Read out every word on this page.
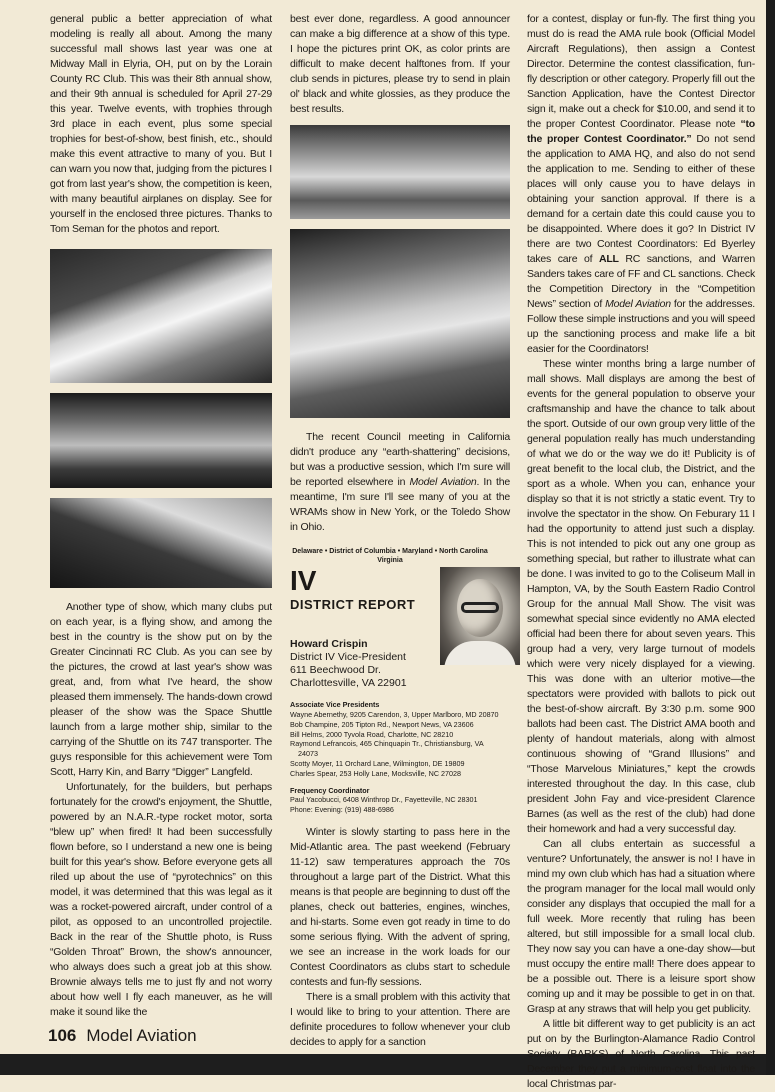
general public a better appreciation of what modeling is really all about. Among the many successful mall shows last year was one at Midway Mall in Elyria, OH, put on by the Lorain County RC Club. This was their 8th annual show, and their 9th annual is scheduled for April 27-29 this year. Twelve events, with trophies through 3rd place in each event, plus some special trophies for best-of-show, best finish, etc., should make this event attractive to many of you. But I can warn you now that, judging from the pictures I got from last year's show, the competition is keen, with many beautiful airplanes on display. See for yourself in the enclosed three pictures. Thanks to Tom Seman for the photos and report.

Another type of show, which many clubs put on each year, is a flying show, and among the best in the country is the show put on by the Greater Cincinnati RC Club. As you can see by the pictures, the crowd at last year's show was great, and, from what I've heard, the show pleased them immensely. The hands-down crowd pleaser of the show was the Space Shuttle launch from a large mother ship, similar to the carrying of the Shuttle on its 747 transporter. The guys responsible for this achievement were Tom Scott, Harry Kin, and Barry “Digger” Langfeld.

Unfortunately, for the builders, but perhaps fortunately for the crowd's enjoyment, the Shuttle, powered by an N.A.R.-type rocket motor, sorta “blew up” when fired! It had been successfully flown before, so I understand a new one is being built for this year's show. Before everyone gets all riled up about the use of “pyrotechnics” on this model, it was determined that this was legal as it was a rocket-powered aircraft, under control of a pilot, as opposed to an uncontrolled projectile. Back in the rear of the Shuttle photo, is Russ “Golden Throat” Brown, the show's announcer, who always does such a great job at this show. Brownie always tells me to just fly and not worry about how well I fly each maneuver, as he will make it sound like the

best ever done, regardless. A good announcer can make a big difference at a show of this type. I hope the pictures print OK, as color prints are difficult to make decent halftones from. If your club sends in pictures, please try to send in plain ol' black and white glossies, as they produce the best results.

The recent Council meeting in California didn't produce any “earth-shattering” decisions, but was a productive session, which I'm sure will be reported elsewhere in Model Aviation. In the meantime, I'm sure I'll see many of you at the WRAMs show in New York, or the Toledo Show in Ohio.

Delaware • District of Columbia • Maryland • North Carolina Virginia
IV
DISTRICT REPORT
Howard Crispin
District IV Vice-President
611 Beechwood Dr.
Charlottesville, VA 22901
Associate Vice Presidents
Wayne Abernethy, 9205 Carendon, 3, Upper Marlboro, MD 20870
Bob Champine, 205 Tipton Rd., Newport News, VA 23606
Bill Helms, 2000 Tyvola Road, Charlotte, NC 28210
Raymond Lefrancois, 465 Chinquapin Tr., Christiansburg, VA
24073
Scotty Moyer, 11 Orchard Lane, Wilmington, DE 19809
Charles Spear, 253 Holly Lane, Mocksville, NC 27028
Frequency Coordinator
Paul Yacobucci, 6408 Winthrop Dr., Fayetteville, NC 28301
Phone: Evening: (919) 488-6986

Winter is slowly starting to pass here in the Mid-Atlantic area. The past weekend (February 11-12) saw temperatures approach the 70s throughout a large part of the District. What this means is that people are beginning to dust off the planes, check out batteries, engines, winches, and hi-starts. Some even got ready in time to do some serious flying. With the advent of spring, we see an increase in the work loads for our Contest Coordinators as clubs start to schedule contests and fun-fly sessions.

There is a small problem with this activity that I would like to bring to your attention. There are definite procedures to follow whenever your club decides to apply for a sanction

for a contest, display or fun-fly. The first thing you must do is read the AMA rule book (Official Model Aircraft Regulations), then assign a Contest Director. Determine the contest classification, fun-fly description or other category. Properly fill out the Sanction Application, have the Contest Director sign it, make out a check for $10.00, and send it to the proper Contest Coordinator. Please note “to the proper Contest Coordinator.” Do not send the application to AMA HQ, and also do not send the application to me. Sending to either of these places will only cause you to have delays in obtaining your sanction approval. If there is a demand for a certain date this could cause you to be disappointed. Where does it go? In District IV there are two Contest Coordinators: Ed Byerley takes care of ALL RC sanctions, and Warren Sanders takes care of FF and CL sanctions. Check the Competition Directory in the “Competition News” section of Model Aviation for the addresses. Follow these simple instructions and you will speed up the sanctioning process and make life a bit easier for the Coordinators!

These winter months bring a large number of mall shows. Mall displays are among the best of events for the general population to observe your craftsmanship and have the chance to talk about the sport. Outside of our own group very little of the general population really has much understanding of what we do or the way we do it! Publicity is of great benefit to the local club, the District, and the sport as a whole. When you can, enhance your display so that it is not strictly a static event. Try to involve the spectator in the show. On Feburary 11 I had the opportunity to attend just such a display. This is not intended to pick out any one group as something special, but rather to illustrate what can be done. I was invited to go to the Coliseum Mall in Hampton, VA, by the South Eastern Radio Control Group for the annual Mall Show. The visit was somewhat special since evidently no AMA elected official had been there for about seven years. This group had a very, very large turnout of models which were very nicely displayed for a viewing. This was done with an ulterior motive—the spectators were provided with ballots to pick out the best-of-show aircraft. By 3:30 p.m. some 900 ballots had been cast. The District AMA booth and plenty of handout materials, along with almost continuous showing of “Grand Illusions” and “Those Marvelous Miniatures,” kept the crowds interested throughout the day. In this case, club president John Fay and vice-president Clarence Barnes (as well as the rest of the club) had done their homework and had a very successful day.

Can all clubs entertain as successful a venture? Unfortunately, the answer is no! I have in mind my own club which has had a situation where the program manager for the local mall would only consider any displays that occupied the mall for a full week. More recently that ruling has been altered, but still impossible for a small local club. They now say you can have a one-day show—but must occupy the entire mall! There does appear to be a possible out. There is a leisure sport show coming up and it may be possible to get in on that. Grasp at any straws that will help you get publicity.

A little bit different way to get publicity is an act put on by the Burlington-Alamance Radio Control Society (BARKS) of North Carolina. This past December they put a minimum-cost float into the local Christmas par-

106 Model Aviation
